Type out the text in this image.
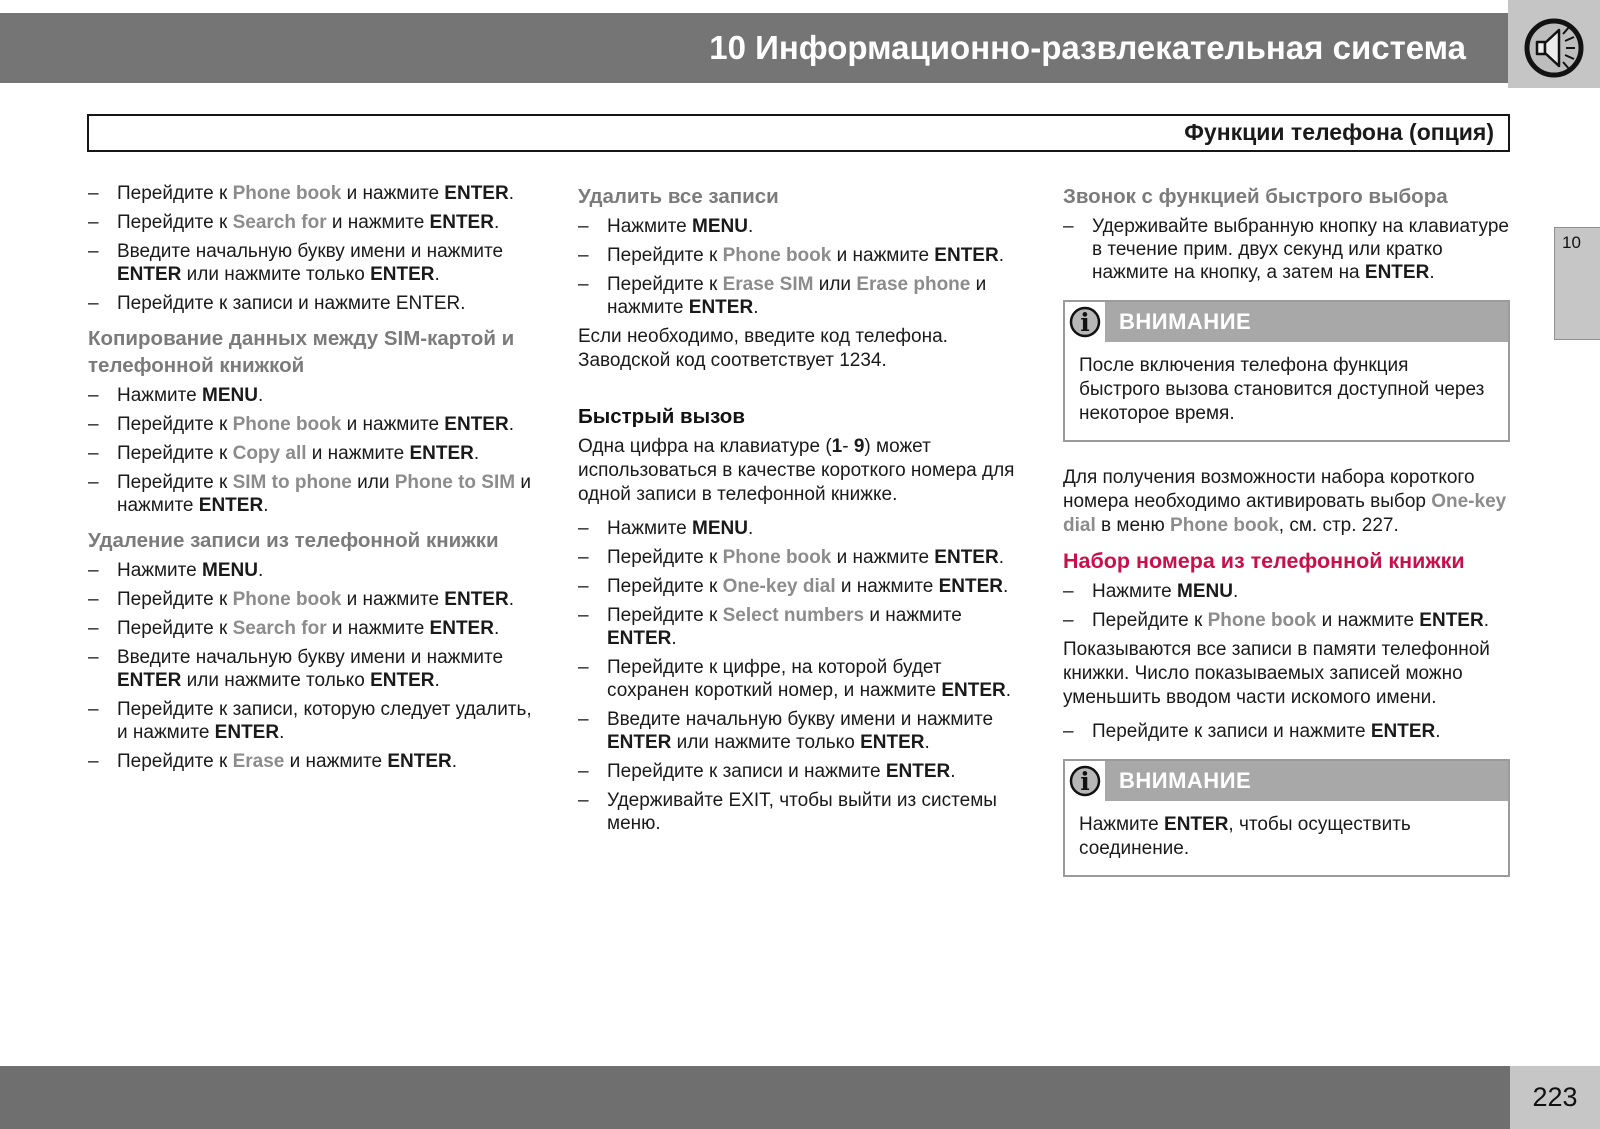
10 Информационно-развлекательная система
Функции телефона (опция)
– Перейдите к Phone book и нажмите ENTER.
– Перейдите к Search for и нажмите ENTER.
– Введите начальную букву имени и нажмите ENTER или нажмите только ENTER.
– Перейдите к записи и нажмите ENTER.
Копирование данных между SIM-картой и телефонной книжкой
– Нажмите MENU.
– Перейдите к Phone book и нажмите ENTER.
– Перейдите к Copy all и нажмите ENTER.
– Перейдите к SIM to phone или Phone to SIM и нажмите ENTER.
Удаление записи из телефонной книжки
– Нажмите MENU.
– Перейдите к Phone book и нажмите ENTER.
– Перейдите к Search for и нажмите ENTER.
– Введите начальную букву имени и нажмите ENTER или нажмите только ENTER.
– Перейдите к записи, которую следует удалить, и нажмите ENTER.
– Перейдите к Erase и нажмите ENTER.
Удалить все записи
– Нажмите MENU.
– Перейдите к Phone book и нажмите ENTER.
– Перейдите к Erase SIM или Erase phone и нажмите ENTER.
Если необходимо, введите код телефона. Заводской код соответствует 1234.
Быстрый вызов
Одна цифра на клавиатуре (1- 9) может использоваться в качестве короткого номера для одной записи в телефонной книжке.
– Нажмите MENU.
– Перейдите к Phone book и нажмите ENTER.
– Перейдите к One-key dial и нажмите ENTER.
– Перейдите к Select numbers и нажмите ENTER.
– Перейдите к цифре, на которой будет сохранен короткий номер, и нажмите ENTER.
– Введите начальную букву имени и нажмите ENTER или нажмите только ENTER.
– Перейдите к записи и нажмите ENTER.
– Удерживайте EXIT, чтобы выйти из системы меню.
Звонок с функцией быстрого выбора
– Удерживайте выбранную кнопку на клавиатуре в течение прим. двух секунд или кратко нажмите на кнопку, а затем на ENTER.
i	ВНИМАНИЕ
После включения телефона функция быстрого вызова становится доступной через некоторое время.
Для получения возможности набора короткого номера необходимо активировать выбор One-key dial в меню Phone book, см. стр. 227.
Набор номера из телефонной книжки
– Нажмите MENU.
– Перейдите к Phone book и нажмите ENTER.
Показываются все записи в памяти телефонной книжки. Число показываемых записей можно уменьшить вводом части искомого имени.
– Перейдите к записи и нажмите ENTER.
i	ВНИМАНИЕ
Нажмите ENTER, чтобы осуществить соединение.
10
223
